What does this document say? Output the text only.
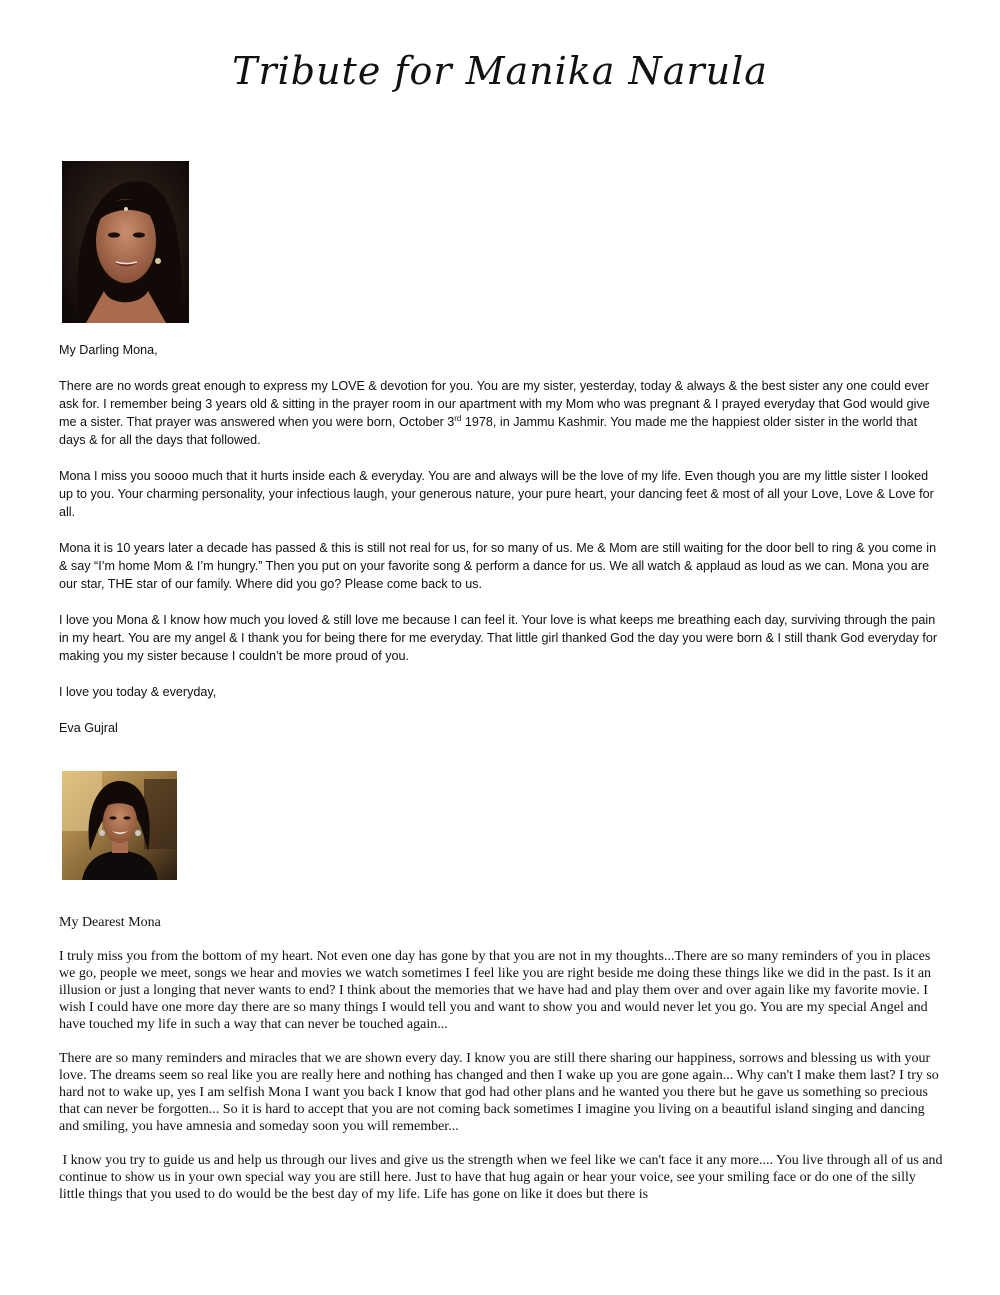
Tribute for Manika Narula

My Darling Mona,

There are no words great enough to express my LOVE & devotion for you. You are my sister, yesterday, today & always & the best sister any one could ever ask for. I remember being 3 years old & sitting in the prayer room in our apartment with my Mom who was pregnant & I prayed everyday that God would give me a sister. That prayer was answered when you were born, October 3rd 1978, in Jammu Kashmir. You made me the happiest older sister in the world that days & for all the days that followed.

Mona I miss you soooo much that it hurts inside each & everyday. You are and always will be the love of my life. Even though you are my little sister I looked up to you. Your charming personality, your infectious laugh, your generous nature, your pure heart, your dancing feet & most of all your Love, Love & Love for all.

Mona it is 10 years later a decade has passed & this is still not real for us, for so many of us. Me & Mom are still waiting for the door bell to ring & you come in & say “I’m home Mom & I’m hungry.” Then you put on your favorite song & perform a dance for us. We all watch & applaud as loud as we can. Mona you are our star, THE star of our family. Where did you go? Please come back to us.

I love you Mona & I know how much you loved & still love me because I can feel it. Your love is what keeps me breathing each day, surviving through the pain in my heart. You are my angel & I thank you for being there for me everyday. That little girl thanked God the day you were born & I still thank God everyday for making you my sister because I couldn’t be more proud of you.

I love you today & everyday,

Eva Gujral

My Dearest Mona

I truly miss you from the bottom of my heart. Not even one day has gone by that you are not in my thoughts...There are so many reminders of you in places we go, people we meet, songs we hear and movies we watch sometimes I feel like you are right beside me doing these things like we did in the past. Is it an illusion or just a longing that never wants to end? I think about the memories that we have had and play them over and over again like my favorite movie. I wish I could have one more day there are so many things I would tell you and want to show you and would never let you go. You are my special Angel and have touched my life in such a way that can never be touched again...

There are so many reminders and miracles that we are shown every day. I know you are still there sharing our happiness, sorrows and blessing us with your love. The dreams seem so real like you are really here and nothing has changed and then I wake up you are gone again... Why can't I make them last? I try so hard not to wake up, yes I am selfish Mona I want you back I know that god had other plans and he wanted you there but he gave us something so precious that can never be forgotten... So it is hard to accept that you are not coming back sometimes I imagine you living on a beautiful island singing and dancing and smiling, you have amnesia and someday soon you will remember...

I know you try to guide us and help us through our lives and give us the strength when we feel like we can't face it any more.... You live through all of us and continue to show us in your own special way you are still here. Just to have that hug again or hear your voice, see your smiling face or do one of the silly little things that you used to do would be the best day of my life. Life has gone on like it does but there is
